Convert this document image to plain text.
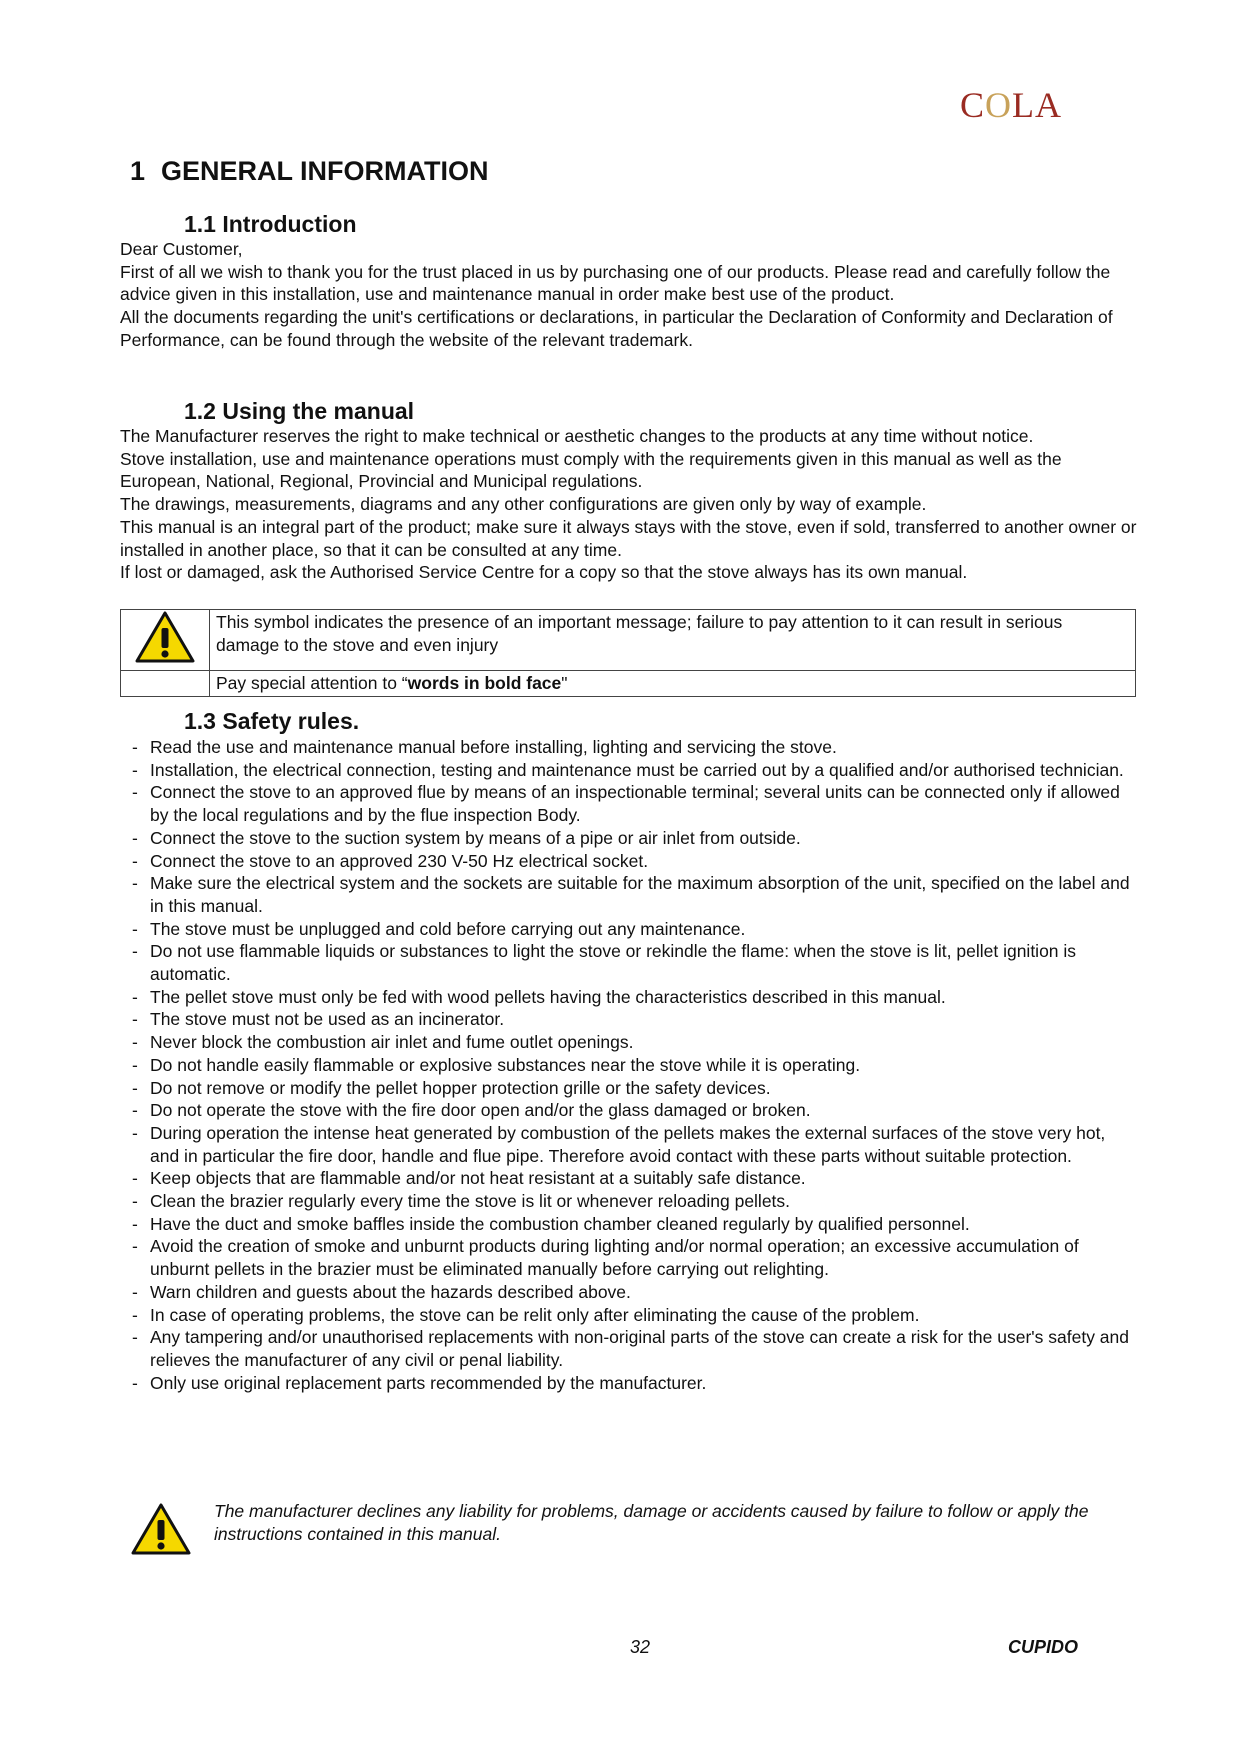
COLA
1 GENERAL INFORMATION
1.1 Introduction

Dear Customer,

First of all we wish to thank you for the trust placed in us by purchasing one of our products. Please read and carefully follow the advice given in this installation, use and maintenance manual in order make best use of the product.

All the documents regarding the unit's certifications or declarations, in particular the Declaration of Conformity and Declaration of Performance, can be found through the website of the relevant trademark.

1.2 Using the manual

The Manufacturer reserves the right to make technical or aesthetic changes to the products at any time without notice.

Stove installation, use and maintenance operations must comply with the requirements given in this manual as well as the European, National, Regional, Provincial and Municipal regulations.

The drawings, measurements, diagrams and any other configurations are given only by way of example.

This manual is an integral part of the product; make sure it always stays with the stove, even if sold, transferred to another owner or installed in another place, so that it can be consulted at any time.

If lost or damaged, ask the Authorised Service Centre for a copy so that the stove always has its own manual.

	This symbol indicates the presence of an important message; failure to pay attention to it can result in serious damage to the stove and even injury
	Pay special attention to “words in bold face"
1.3 Safety rules.
- Read the use and maintenance manual before installing, lighting and servicing the stove.
- Installation, the electrical connection, testing and maintenance must be carried out by a qualified and/or authorised technician.
- Connect the stove to an approved flue by means of an inspectionable terminal; several units can be connected only if allowed by the local regulations and by the flue inspection Body.
- Connect the stove to the suction system by means of a pipe or air inlet from outside.
- Connect the stove to an approved 230 V-50 Hz electrical socket.
- Make sure the electrical system and the sockets are suitable for the maximum absorption of the unit, specified on the label and in this manual.
- The stove must be unplugged and cold before carrying out any maintenance.
- Do not use flammable liquids or substances to light the stove or rekindle the flame: when the stove is lit, pellet ignition is automatic.
- The pellet stove must only be fed with wood pellets having the characteristics described in this manual.
- The stove must not be used as an incinerator.
- Never block the combustion air inlet and fume outlet openings.
- Do not handle easily flammable or explosive substances near the stove while it is operating.
- Do not remove or modify the pellet hopper protection grille or the safety devices.
- Do not operate the stove with the fire door open and/or the glass damaged or broken.
- During operation the intense heat generated by combustion of the pellets makes the external surfaces of the stove very hot, and in particular the fire door, handle and flue pipe. Therefore avoid contact with these parts without suitable protection.
- Keep objects that are flammable and/or not heat resistant at a suitably safe distance.
- Clean the brazier regularly every time the stove is lit or whenever reloading pellets.
- Have the duct and smoke baffles inside the combustion chamber cleaned regularly by qualified personnel.
- Avoid the creation of smoke and unburnt products during lighting and/or normal operation; an excessive accumulation of unburnt pellets in the brazier must be eliminated manually before carrying out relighting.
- Warn children and guests about the hazards described above.
- In case of operating problems, the stove can be relit only after eliminating the cause of the problem.
- Any tampering and/or unauthorised replacements with non-original parts of the stove can create a risk for the user's safety and relieves the manufacturer of any civil or penal liability.
- Only use original replacement parts recommended by the manufacturer.
The manufacturer declines any liability for problems, damage or accidents caused by failure to follow or apply the instructions contained in this manual.
32	CUPIDO
